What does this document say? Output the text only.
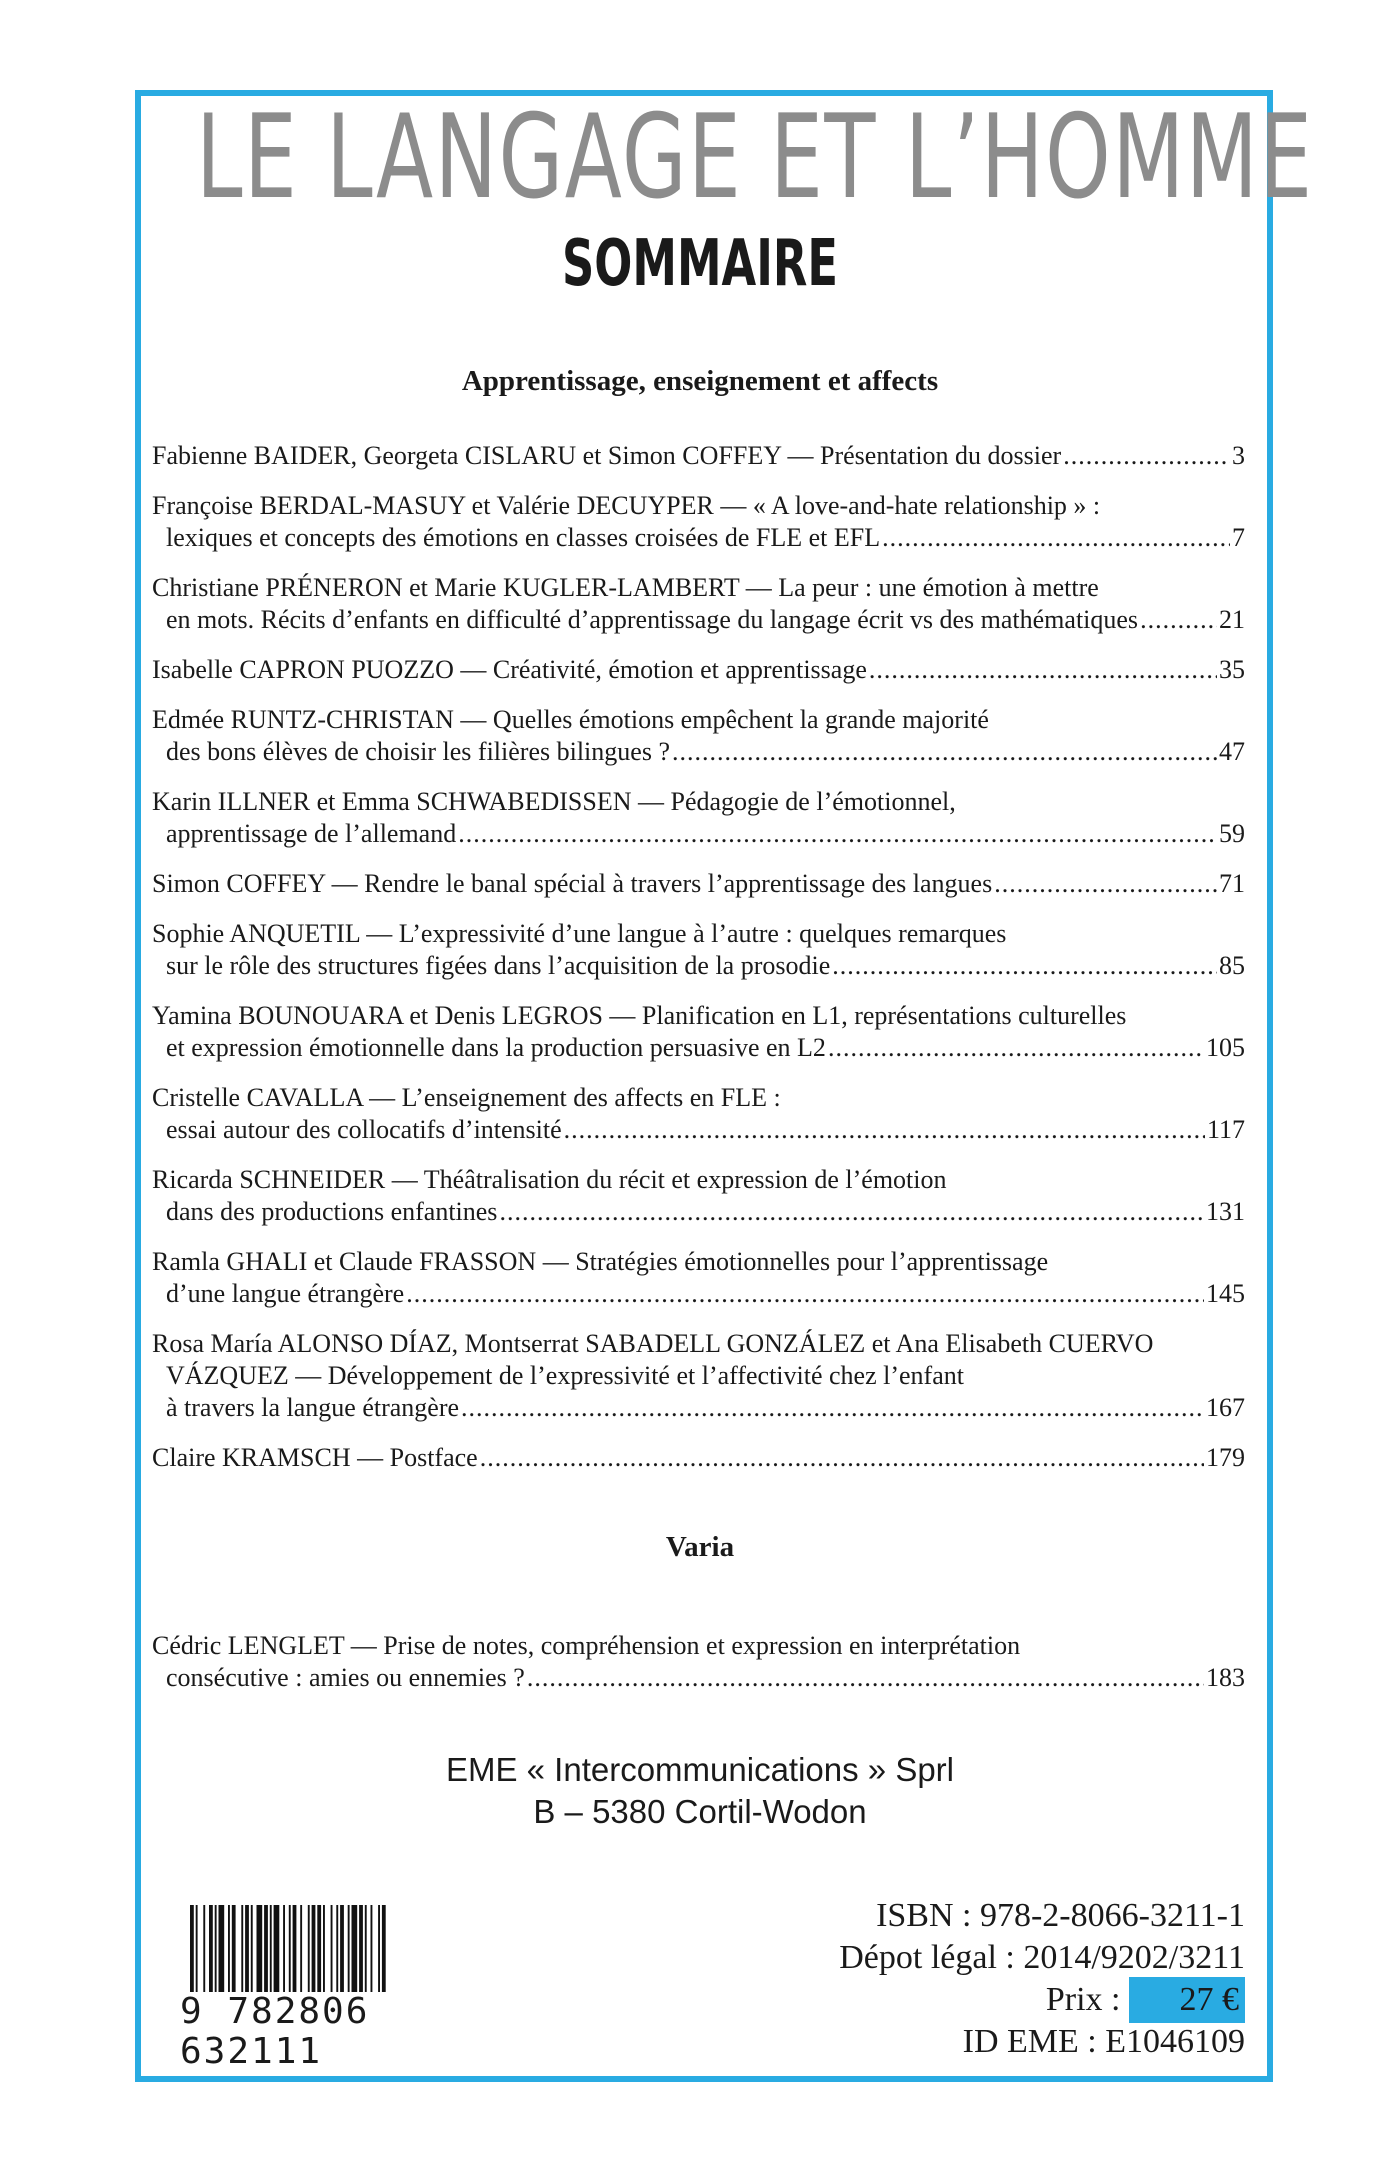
LE LANGAGE ET L’HOMME
SOMMAIRE
Apprentissage, enseignement et affects
Fabienne BAIDER, Georgeta CISLARU et Simon COFFEY — Présentation du dossier .....	3
Françoise BERDAL-MASUY et Valérie DECUYPER — « A love-and-hate relationship » :
lexiques et concepts des émotions en classes croisées de FLE et EFL .....	7
Christiane PRÉNERON et Marie KUGLER-LAMBERT — La peur : une émotion à mettre
en mots. Récits d’enfants en difficulté d’apprentissage du langage écrit vs des mathématiques .....	21
Isabelle CAPRON PUOZZO — Créativité, émotion et apprentissage .....	35
Edmée RUNTZ-CHRISTAN — Quelles émotions empêchent la grande majorité
des bons élèves de choisir les filières bilingues ? .....	47
Karin ILLNER et Emma SCHWABEDISSEN — Pédagogie de l’émotionnel,
apprentissage de l’allemand .....	59
Simon COFFEY — Rendre le banal spécial à travers l’apprentissage des langues .....	71
Sophie ANQUETIL — L’expressivité d’une langue à l’autre : quelques remarques
sur le rôle des structures figées dans l’acquisition de la prosodie .....	85
Yamina BOUNOUARA et Denis LEGROS — Planification en L1, représentations culturelles
et expression émotionnelle dans la production persuasive en L2 .....	105
Cristelle CAVALLA — L’enseignement des affects en FLE :
essai autour des collocatifs d’intensité .....	117
Ricarda SCHNEIDER — Théâtralisation du récit et expression de l’émotion
dans des productions enfantines .....	131
Ramla GHALI et Claude FRASSON — Stratégies émotionnelles pour l’apprentissage
d’une langue étrangère .....	145
Rosa María ALONSO DÍAZ, Montserrat SABADELL GONZÁLEZ et Ana Elisabeth CUERVO
VÁZQUEZ — Développement de l’expressivité et l’affectivité chez l’enfant
à travers la langue étrangère .....	167
Claire KRAMSCH — Postface .....	179
Varia
Cédric LENGLET — Prise de notes, compréhension et expression en interprétation
consécutive : amies ou ennemies ? .....	183
EME « Intercommunications » Sprl
B – 5380 Cortil-Wodon
9 782806 632111
ISBN : 978-2-8066-3211-1
Dépot légal : 2014/9202/3211
Prix : 27 €
ID EME : E1046109
